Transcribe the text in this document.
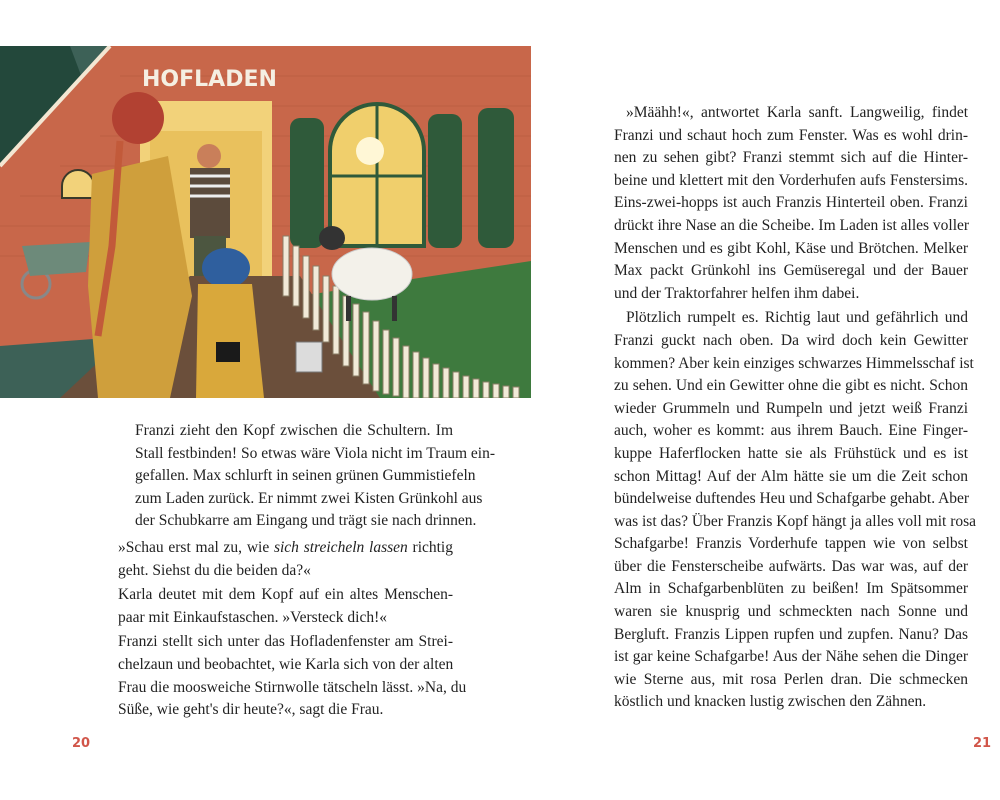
HOFLADEN

Franzi zieht den Kopf zwischen die Schultern. Im
Stall festbinden! So etwas wäre Viola nicht im Traum ein-
gefallen. Max schlurft in seinen grünen Gummistiefeln
zum Laden zurück. Er nimmt zwei Kisten Grünkohl aus
der Schubkarre am Eingang und trägt sie nach drinnen.

»Schau erst mal zu, wie sich streicheln lassen richtig
geht. Siehst du die beiden da?«

Karla deutet mit dem Kopf auf ein altes Menschen-
paar mit Einkaufstaschen. »Versteck dich!«

Franzi stellt sich unter das Hofladenfenster am Strei-
chelzaun und beobachtet, wie Karla sich von der alten
Frau die moosweiche Stirnwolle tätscheln lässt. »Na, du
Süße, wie geht's dir heute?«, sagt die Frau.

20

»Määhh!«, antwortet Karla sanft. Langweilig, findet
Franzi und schaut hoch zum Fenster. Was es wohl drin-
nen zu sehen gibt? Franzi stemmt sich auf die Hinter-
beine und klettert mit den Vorderhufen aufs Fenstersims.
Eins-zwei-hopps ist auch Franzis Hinterteil oben. Franzi
drückt ihre Nase an die Scheibe. Im Laden ist alles voller
Menschen und es gibt Kohl, Käse und Brötchen. Melker
Max packt Grünkohl ins Gemüseregal und der Bauer
und der Traktorfahrer helfen ihm dabei.

Plötzlich rumpelt es. Richtig laut und gefährlich und
Franzi guckt nach oben. Da wird doch kein Gewitter
kommen? Aber kein einziges schwarzes Himmelsschaf ist
zu sehen. Und ein Gewitter ohne die gibt es nicht. Schon
wieder Grummeln und Rumpeln und jetzt weiß Franzi
auch, woher es kommt: aus ihrem Bauch. Eine Finger-
kuppe Haferflocken hatte sie als Frühstück und es ist
schon Mittag! Auf der Alm hätte sie um die Zeit schon
bündelweise duftendes Heu und Schafgarbe gehabt. Aber
was ist das? Über Franzis Kopf hängt ja alles voll mit rosa
Schafgarbe! Franzis Vorderhufe tappen wie von selbst
über die Fensterscheibe aufwärts. Das war was, auf der
Alm in Schafgarbenblüten zu beißen! Im Spätsommer
waren sie knusprig und schmeckten nach Sonne und
Bergluft. Franzis Lippen rupfen und zupfen. Nanu? Das
ist gar keine Schafgarbe! Aus der Nähe sehen die Dinger
wie Sterne aus, mit rosa Perlen dran. Die schmecken
köstlich und knacken lustig zwischen den Zähnen.

21
